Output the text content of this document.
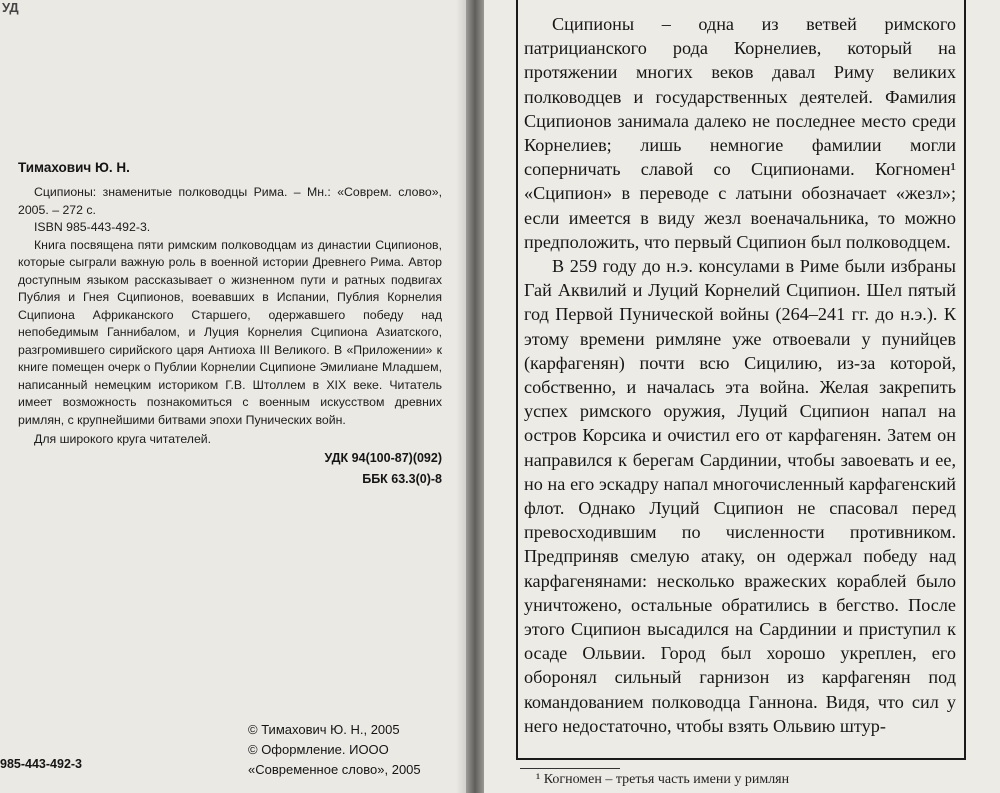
УД
Тимахович Ю. Н.

Сципионы: знаменитые полководцы Рима. – Мн.: «Соврем. слово», 2005. – 272 с.

ISBN 985-443-492-3.

Книга посвящена пяти римским полководцам из династии Сципионов, которые сыграли важную роль в военной истории Древнего Рима. Автор доступным языком рассказывает о жизненном пути и ратных подвигах Публия и Гнея Сципионов, воевавших в Испании, Публия Корнелия Сципиона Африканского Старшего, одержавшего победу над непобедимым Ганнибалом, и Луция Корнелия Сципиона Азиатского, разгромившего сирийского царя Антиоха III Великого. В «Приложении» к книге помещен очерк о Публии Корнелии Сципионе Эмилиане Младшем, написанный немецким историком Г.В. Штоллем в XIX веке. Читатель имеет возможность познакомиться с военным искусством древних римлян, с крупнейшими битвами эпохи Пунических войн.

Для широкого круга читателей.

УДК 94(100-87)(092)
ББК 63.3(0)-8
© Тимахович Ю. Н., 2005
© Оформление. ИООО
«Современное слово», 2005
985-443-492-3

Сципионы – одна из ветвей римского патрицианского рода Корнелиев, который на протяжении многих веков давал Риму великих полководцев и государственных деятелей. Фамилия Сципионов занимала далеко не последнее место среди Корнелиев; лишь немногие фамилии могли соперничать славой со Сципионами. Когномен¹ «Сципион» в переводе с латыни обозначает «жезл»; если имеется в виду жезл военачальника, то можно предположить, что первый Сципион был полководцем.

В 259 году до н.э. консулами в Риме были избраны Гай Аквилий и Луций Корнелий Сципион. Шел пятый год Первой Пунической войны (264–241 гг. до н.э.). К этому времени римляне уже отвоевали у пунийцев (карфагенян) почти всю Сицилию, из-за которой, собственно, и началась эта война. Желая закрепить успех римского оружия, Луций Сципион напал на остров Корсика и очистил его от карфагенян. Затем он направился к берегам Сардинии, чтобы завоевать и ее, но на его эскадру напал многочисленный карфагенский флот. Однако Луций Сципион не спасовал перед превосходившим по численности противником. Предприняв смелую атаку, он одержал победу над карфагенянами: несколько вражеских кораблей было уничтожено, остальные обратились в бегство. После этого Сципион высадился на Сардинии и приступил к осаде Ольвии. Город был хорошо укреплен, его оборонял сильный гарнизон из карфагенян под командованием полководца Ганнона. Видя, что сил у него недостаточно, чтобы взять Ольвию штур-

¹ Когномен – третья часть имени у римлян
